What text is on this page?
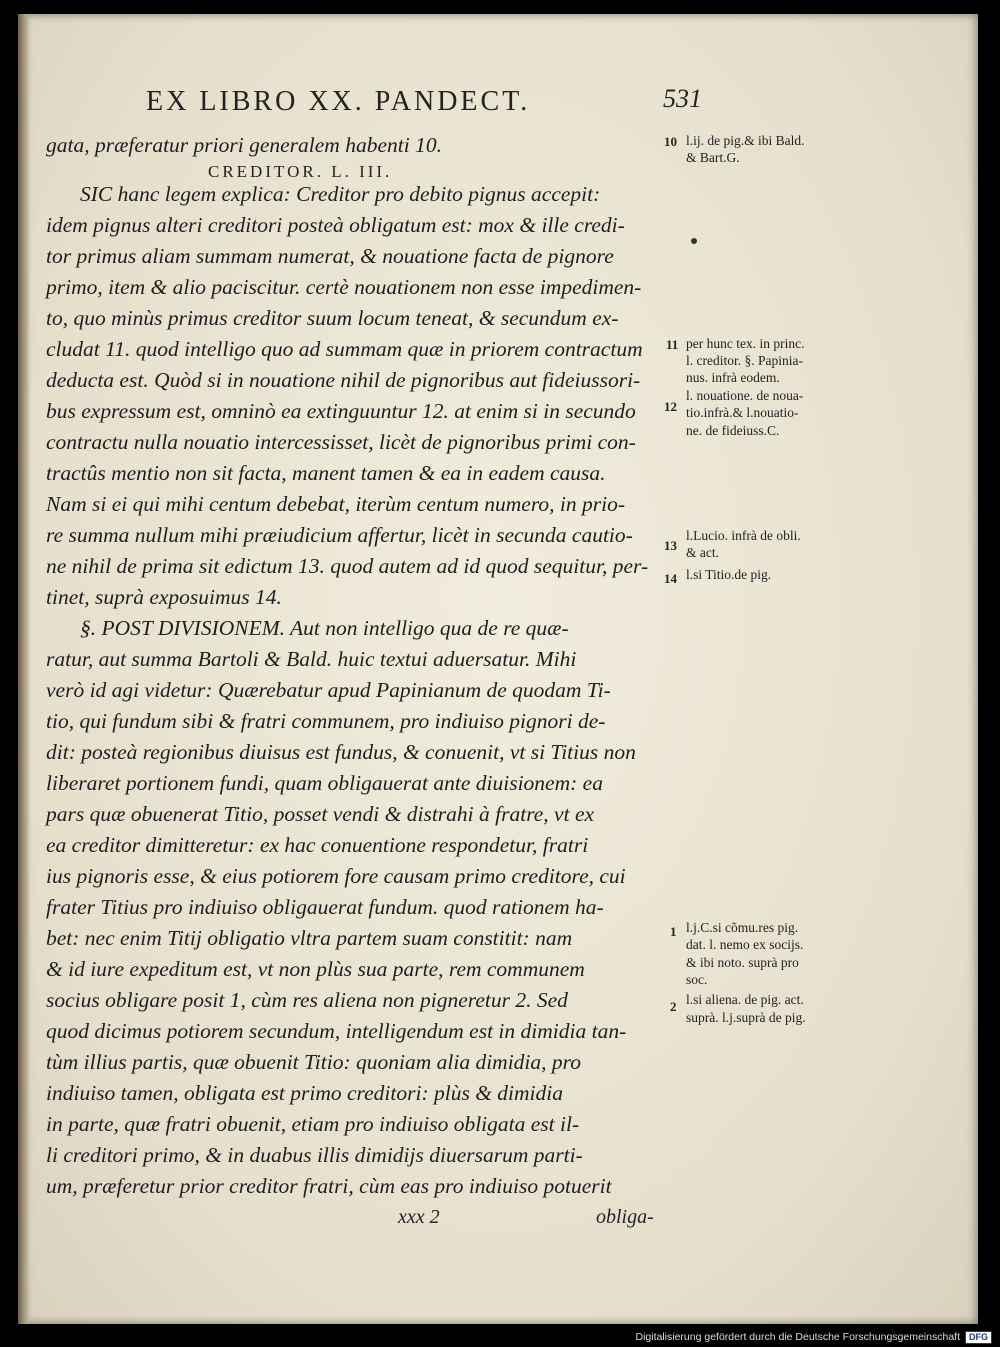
EX LIBRO XX. PANDECT.	531
gata, præferatur priori generalem habenti 10.
CREDITOR. L. III.
SIC hanc legem explica: Creditor pro debito pignus accepit:
idem pignus alteri creditori posteà obligatum est: mox & ille credi-
tor primus aliam summam numerat, & nouatione facta de pignore
primo, item & alio paciscitur. certè nouationem non esse impedimen-
to, quo minùs primus creditor suum locum teneat, & secundum ex-
cludat 11. quod intelligo quo ad summam quæ in priorem contractum
deducta est. Quòd si in nouatione nihil de pignoribus aut fideiussori-
bus expressum est, omninò ea extinguuntur 12. at enim si in secundo
contractu nulla nouatio intercessisset, licèt de pignoribus primi con-
tractûs mentio non sit facta, manent tamen & ea in eadem causa.
Nam si ei qui mihi centum debebat, iterùm centum numero, in prio-
re summa nullum mihi præiudicium affertur, licèt in secunda cautio-
ne nihil de prima sit edictum 13. quod autem ad id quod sequitur, per-
tinet, suprà exposuimus 14.
§. POST DIVISIONEM. Aut non intelligo qua de re quæ-
ratur, aut summa Bartoli & Bald. huic textui aduersatur. Mihi
verò id agi videtur: Quærebatur apud Papinianum de quodam Ti-
tio, qui fundum sibi & fratri communem, pro indiuiso pignori de-
dit: posteà regionibus diuisus est fundus, & conuenit, vt si Titius non
liberaret portionem fundi, quam obligauerat ante diuisionem: ea
pars quæ obuenerat Titio, posset vendi & distrahi à fratre, vt ex
ea creditor dimitteretur: ex hac conuentione respondetur, fratri
ius pignoris esse, & eius potiorem fore causam primo creditore, cui
frater Titius pro indiuiso obligauerat fundum. quod rationem ha-
bet: nec enim Titij obligatio vltra partem suam constitit: nam
& id iure expeditum est, vt non plùs sua parte, rem communem
socius obligare posit 1, cùm res aliena non pigneretur 2. Sed
quod dicimus potiorem secundum, intelligendum est in dimidia tan-
tùm illius partis, quæ obuenit Titio: quoniam alia dimidia, pro
indiuiso tamen, obligata est primo creditori: plùs & dimidia
in parte, quæ fratri obuenit, etiam pro indiuiso obligata est il-
li creditori primo, & in duabus illis dimidijs diuersarum parti-
um, præferetur prior creditor fratri, cùm eas pro indiuiso potuerit
xxx 2	obliga-
10
11
12
13
14
1
2
l.ij. de pig.& ibi Bald.
& Bart.G.
per hunc tex. in princ.
l. creditor. §. Papinia-
nus. infrà eodem.
l. nouatione. de noua-
tio.infrà.& l.nouatio-
ne. de fideiuss.C.
l.Lucio. infrà de obli.
& act.
l.si Titio.de pig.
l.j.C.si cõmu.res pig.
dat. l. nemo ex socijs.
& ibi noto. suprà pro
soc.
l.si aliena. de pig. act.
suprà. l.j.suprà de pig.
Digitalisierung gefördert durch die Deutsche Forschungsgemeinschaft	DFG
